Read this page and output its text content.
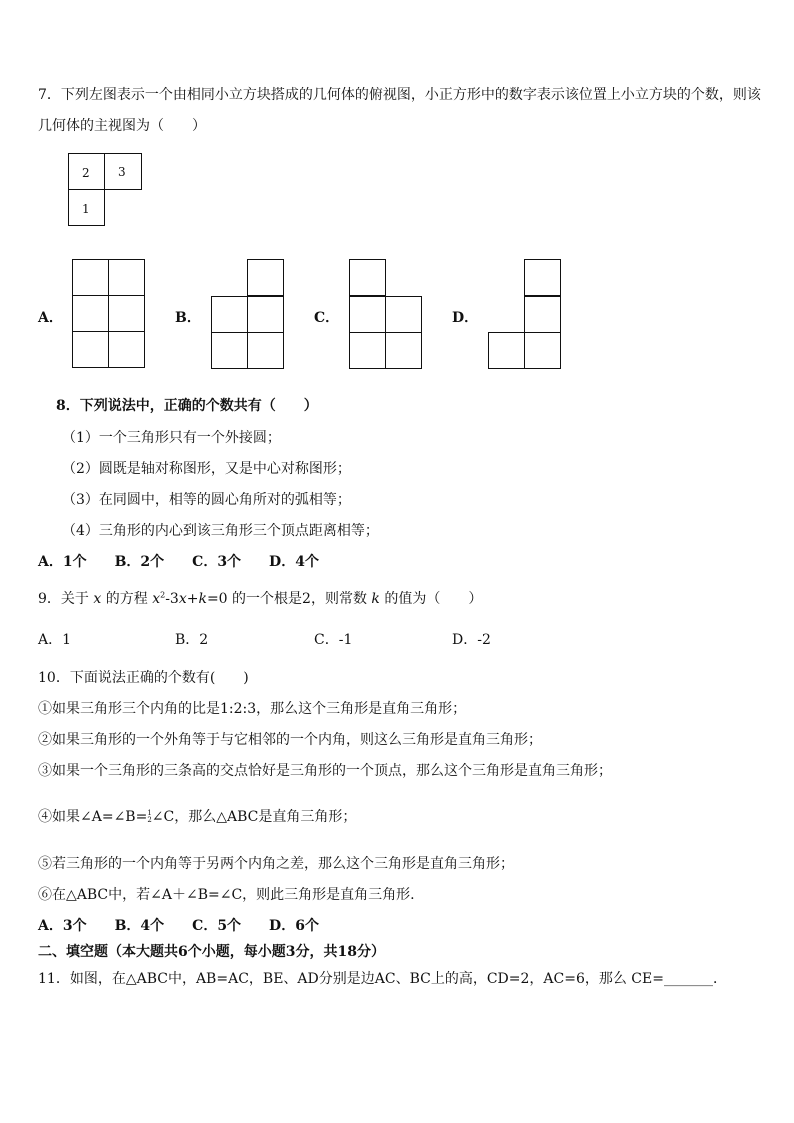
7．下列左图表示一个由相同小立方块搭成的几何体的俯视图，小正方形中的数字表示该位置上小立方块的个数，则该
几何体的主视图为（　　）
2 3
1
A．	B．	C．	D．
8．下列说法中，正确的个数共有（　　）
（1）一个三角形只有一个外接圆；
（2）圆既是轴对称图形，又是中心对称图形；
（3）在同圆中，相等的圆心角所对的弧相等；
（4）三角形的内心到该三角形三个顶点距离相等；
A．1个　　B．2个　　C．3个　　D．4个
9．关于 x 的方程 $x^2-3x+k=0$ 的一个根是2，则常数 k 的值为（　　）
A．1	B．2	C．-1	D．-2
10．下面说法正确的个数有(　　)
①如果三角形三个内角的比是1:2:3，那么这个三角形是直角三角形；
②如果三角形的一个外角等于与它相邻的一个内角，则这么三角形是直角三角形；
③如果一个三角形的三条高的交点恰好是三角形的一个顶点，那么这个三角形是直角三角形；
④如果∠A=∠B=1
2∠C，那么△ABC是直角三角形；
⑤若三角形的一个内角等于另两个内角之差，那么这个三角形是直角三角形；
⑥在△ABC中，若∠A＋∠B=∠C，则此三角形是直角三角形.
A．3个　　B．4个　　C．5个　　D．6个
二、填空题（本大题共6个小题，每小题3分，共18分）
11．如图，在△ABC中，AB=AC，BE、AD分别是边AC、BC上的高，CD=2，AC=6，那么 CE=_______．
